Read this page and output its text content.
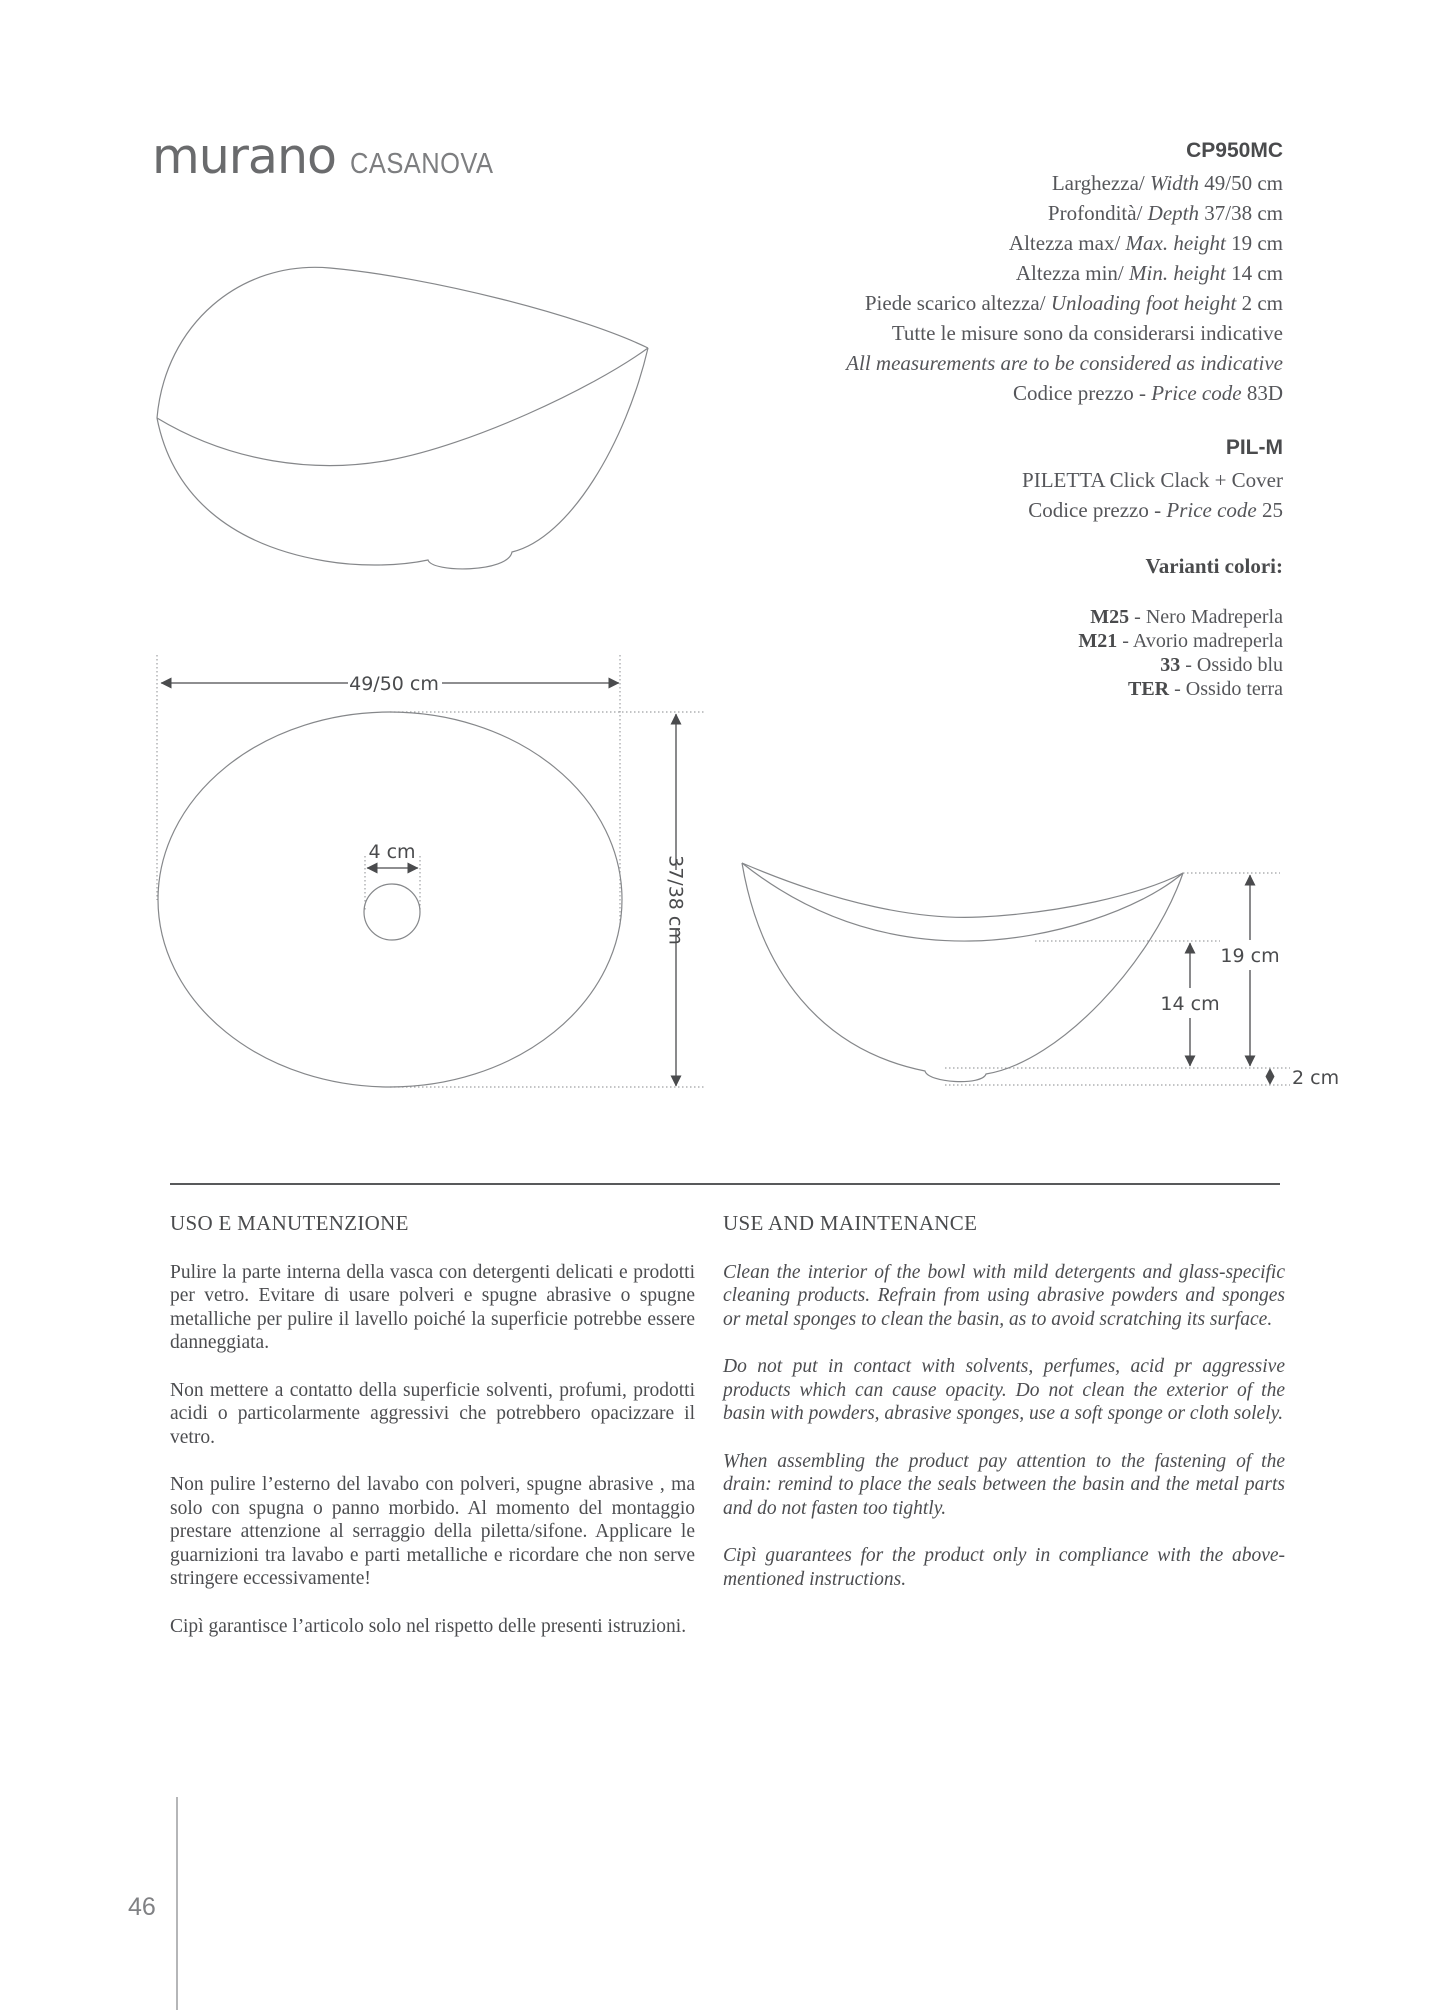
murano CASANOVA	CP950MC
Larghezza/ Width 49/50 cm
Profondità/ Depth 37/38 cm
Altezza max/ Max. height 19 cm
Altezza min/ Min. height 14 cm
Piede scarico altezza/ Unloading foot height 2 cm
Tutte le misure sono da considerarsi indicative
All measurements are to be considered as indicative
Codice prezzo - Price code 83D
PIL-M
PILETTA Click Clack + Cover
Codice prezzo - Price code 25
Varianti colori:
M25 - Nero Madreperla
M21 - Avorio madreperla
33 - Ossido blu
TER - Ossido terra
49/50 cm
37/38 cm
4 cm
19 cm
14 cm
2 cm
USO E MANUTENZIONE

Pulire la parte interna della vasca con detergenti delicati e prodotti per vetro. Evitare di usare polveri e spugne abrasive o spugne metalliche per pulire il lavello poiché la superficie potrebbe essere danneggiata.

Non mettere a contatto della superficie solventi, profumi, prodotti acidi o particolarmente aggressivi che potrebbero opacizzare il vetro.

Non pulire l’esterno del lavabo con polveri, spugne abrasive , ma solo con spugna o panno morbido. Al momento del montaggio prestare attenzione al serraggio della piletta/sifone. Applicare le guarnizioni tra lavabo e parti metalliche e ricordare che non serve stringere eccessivamente!

Cipì garantisce l’articolo solo nel rispetto delle presenti istruzioni.

USE AND MAINTENANCE

Clean the interior of the bowl with mild detergents and glass-specific cleaning products. Refrain from using abrasive powders and sponges or metal sponges to clean the basin, as to avoid scratching its surface.

Do not put in contact with solvents, perfumes, acid pr aggressive products which can cause opacity. Do not clean the exterior of the basin with powders, abrasive sponges, use a soft sponge or cloth solely.

When assembling the product pay attention to the fastening of the drain: remind to place the seals between the basin and the metal parts and do not fasten too tightly.

Cipì guarantees for the product only in compliance with the above-mentioned instructions.

46
